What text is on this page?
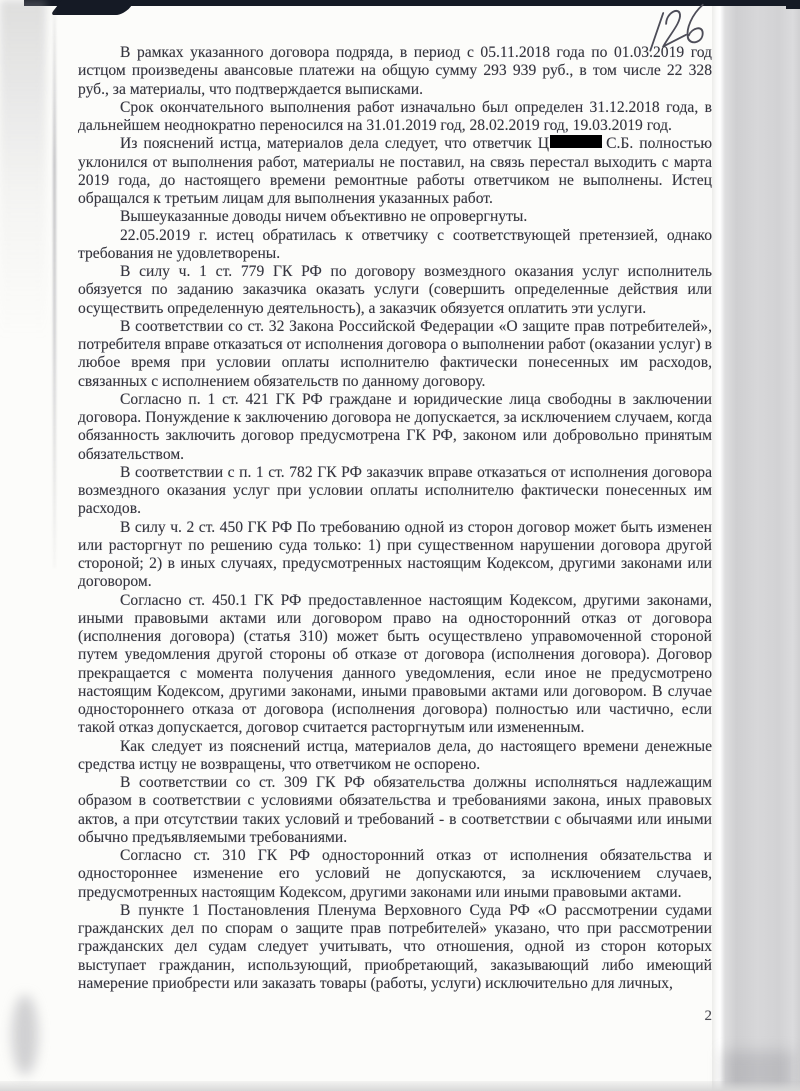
В рамках указанного договора подряда, в период с 05.11.2018 года по 01.03.2019 год истцом произведены авансовые платежи на общую сумму 293 939 руб., в том числе 22 328 руб., за материалы, что подтверждается выписками.

Срок окончательного выполнения работ изначально был определен 31.12.2018 года, в дальнейшем неоднократно переносился на 31.01.2019 год, 28.02.2019 год, 19.03.2019 год.

Из пояснений истца, материалов дела следует, что ответчик Ц	С.Б. полностью уклонился от выполнения работ, материалы не поставил, на связь перестал выходить с марта 2019 года, до настоящего времени ремонтные работы ответчиком не выполнены. Истец обращался к третьим лицам для выполнения указанных работ.

Вышеуказанные доводы ничем объективно не опровергнуты.

22.05.2019 г. истец обратилась к ответчику с соответствующей претензией, однако требования не удовлетворены.

В силу ч. 1 ст. 779 ГК РФ по договору возмездного оказания услуг исполнитель обязуется по заданию заказчика оказать услуги (совершить определенные действия или осуществить определенную деятельность), а заказчик обязуется оплатить эти услуги.

В соответствии со ст. 32 Закона Российской Федерации «О защите прав потребителей», потребителя вправе отказаться от исполнения договора о выполнении работ (оказании услуг) в любое время при условии оплаты исполнителю фактически понесенных им расходов, связанных с исполнением обязательств по данному договору.

Согласно п. 1 ст. 421 ГК РФ граждане и юридические лица свободны в заключении договора. Понуждение к заключению договора не допускается, за исключением случаем, когда обязанность заключить договор предусмотрена ГК РФ, законом или добровольно принятым обязательством.

В соответствии с п. 1 ст. 782 ГК РФ заказчик вправе отказаться от исполнения договора возмездного оказания услуг при условии оплаты исполнителю фактически понесенных им расходов.

В силу ч. 2 ст. 450 ГК РФ По требованию одной из сторон договор может быть изменен или расторгнут по решению суда только: 1) при существенном нарушении договора другой стороной; 2) в иных случаях, предусмотренных настоящим Кодексом, другими законами или договором.

Согласно ст. 450.1 ГК РФ предоставленное настоящим Кодексом, другими законами, иными правовыми актами или договором право на односторонний отказ от договора (исполнения договора) (статья 310) может быть осуществлено управомоченной стороной путем уведомления другой стороны об отказе от договора (исполнения договора). Договор прекращается с момента получения данного уведомления, если иное не предусмотрено настоящим Кодексом, другими законами, иными правовыми актами или договором. В случае одностороннего отказа от договора (исполнения договора) полностью или частично, если такой отказ допускается, договор считается расторгнутым или измененным.

Как следует из пояснений истца, материалов дела, до настоящего времени денежные средства истцу не возвращены, что ответчиком не оспорено.

В соответствии со ст. 309 ГК РФ обязательства должны исполняться надлежащим образом в соответствии с условиями обязательства и требованиями закона, иных правовых актов, а при отсутствии таких условий и требований - в соответствии с обычаями или иными обычно предъявляемыми требованиями.

Согласно ст. 310 ГК РФ односторонний отказ от исполнения обязательства и одностороннее изменение его условий не допускаются, за исключением случаев, предусмотренных настоящим Кодексом, другими законами или иными правовыми актами.

В пункте 1 Постановления Пленума Верховного Суда РФ «О рассмотрении судами гражданских дел по спорам о защите прав потребителей» указано, что при рассмотрении гражданских дел судам следует учитывать, что отношения, одной из сторон которых выступает гражданин, использующий, приобретающий, заказывающий либо имеющий намерение приобрести или заказать товары (работы, услуги) исключительно для личных,

2
